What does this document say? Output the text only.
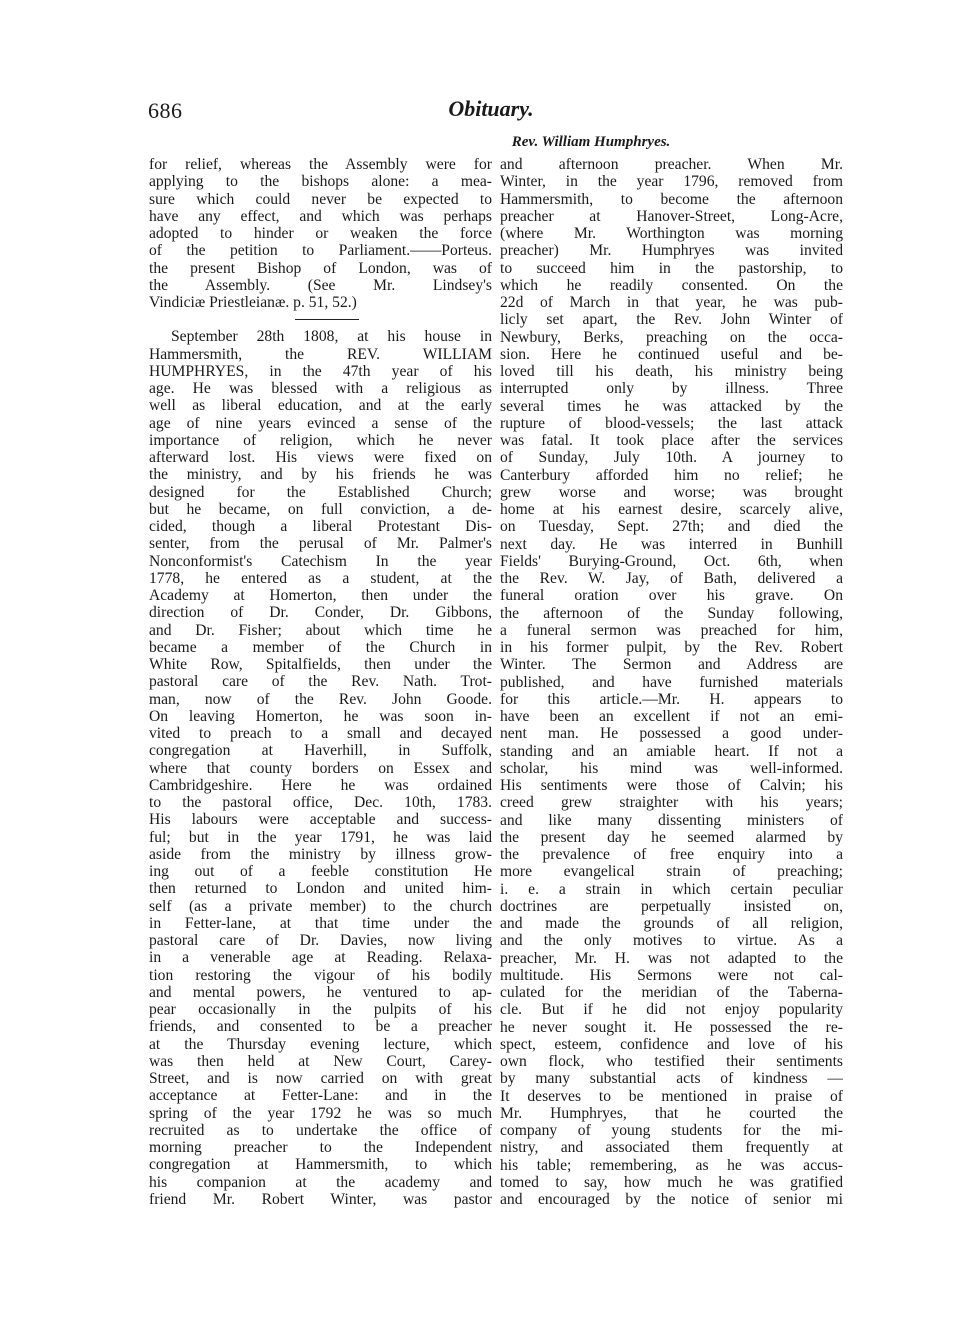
686	Obituary.
Rev. William Humphryes.
for relief, whereas the Assembly were for
applying to the bishops alone: a mea-
sure which could never be expected to
have any effect, and which was perhaps
adopted to hinder or weaken the force
of the petition to Parliament.——Porteus.
the present Bishop of London, was of
the Assembly. (See Mr. Lindsey's
Vindiciæ Priestleianæ. p. 51, 52.)
September 28th 1808, at his house in
Hammersmith, the REV. WILLIAM
HUMPHRYES, in the 47th year of his
age. He was blessed with a religious as
well as liberal education, and at the early
age of nine years evinced a sense of the
importance of religion, which he never
afterward lost. His views were fixed on
the ministry, and by his friends he was
designed for the Established Church;
but he became, on full conviction, a de-
cided, though a liberal Protestant Dis-
senter, from the perusal of Mr. Palmer's
Nonconformist's Catechism In the year
1778, he entered as a student, at the
Academy at Homerton, then under the
direction of Dr. Conder, Dr. Gibbons,
and Dr. Fisher; about which time he
became a member of the Church in
White Row, Spitalfields, then under the
pastoral care of the Rev. Nath. Trot-
man, now of the Rev. John Goode.
On leaving Homerton, he was soon in-
vited to preach to a small and decayed
congregation at Haverhill, in Suffolk,
where that county borders on Essex and
Cambridgeshire. Here he was ordained
to the pastoral office, Dec. 10th, 1783.
His labours were acceptable and success-
ful; but in the year 1791, he was laid
aside from the ministry by illness grow-
ing out of a feeble constitution He
then returned to London and united him-
self (as a private member) to the church
in Fetter-lane, at that time under the
pastoral care of Dr. Davies, now living
in a venerable age at Reading. Relaxa-
tion restoring the vigour of his bodily
and mental powers, he ventured to ap-
pear occasionally in the pulpits of his
friends, and consented to be a preacher
at the Thursday evening lecture, which
was then held at New Court, Carey-
Street, and is now carried on with great
acceptance at Fetter-Lane: and in the
spring of the year 1792 he was so much
recruited as to undertake the office of
morning preacher to the Independent
congregation at Hammersmith, to which
his companion at the academy and
friend Mr. Robert Winter, was pastor
and afternoon preacher. When Mr.
Winter, in the year 1796, removed from
Hammersmith, to become the afternoon
preacher at Hanover-Street, Long-Acre,
(where Mr. Worthington was morning
preacher) Mr. Humphryes was invited
to succeed him in the pastorship, to
which he readily consented. On the
22d of March in that year, he was pub-
licly set apart, the Rev. John Winter of
Newbury, Berks, preaching on the occa-
sion. Here he continued useful and be-
loved till his death, his ministry being
interrupted only by illness. Three
several times he was attacked by the
rupture of blood-vessels; the last attack
was fatal. It took place after the services
of Sunday, July 10th. A journey to
Canterbury afforded him no relief; he
grew worse and worse; was brought
home at his earnest desire, scarcely alive,
on Tuesday, Sept. 27th; and died the
next day. He was interred in Bunhill
Fields' Burying-Ground, Oct. 6th, when
the Rev. W. Jay, of Bath, delivered a
funeral oration over his grave. On
the afternoon of the Sunday following,
a funeral sermon was preached for him,
in his former pulpit, by the Rev. Robert
Winter. The Sermon and Address are
published, and have furnished materials
for this article.—Mr. H. appears to
have been an excellent if not an emi-
nent man. He possessed a good under-
standing and an amiable heart. If not a
scholar, his mind was well-informed.
His sentiments were those of Calvin; his
creed grew straighter with his years;
and like many dissenting ministers of
the present day he seemed alarmed by
the prevalence of free enquiry into a
more evangelical strain of preaching;
i. e. a strain in which certain peculiar
doctrines are perpetually insisted on,
and made the grounds of all religion,
and the only motives to virtue. As a
preacher, Mr. H. was not adapted to the
multitude. His Sermons were not cal-
culated for the meridian of the Taberna-
cle. But if he did not enjoy popularity
he never sought it. He possessed the re-
spect, esteem, confidence and love of his
own flock, who testified their sentiments
by many substantial acts of kindness —
It deserves to be mentioned in praise of
Mr. Humphryes, that he courted the
company of young students for the mi-
nistry, and associated them frequently at
his table; remembering, as he was accus-
tomed to say, how much he was gratified
and encouraged by the notice of senior mi
